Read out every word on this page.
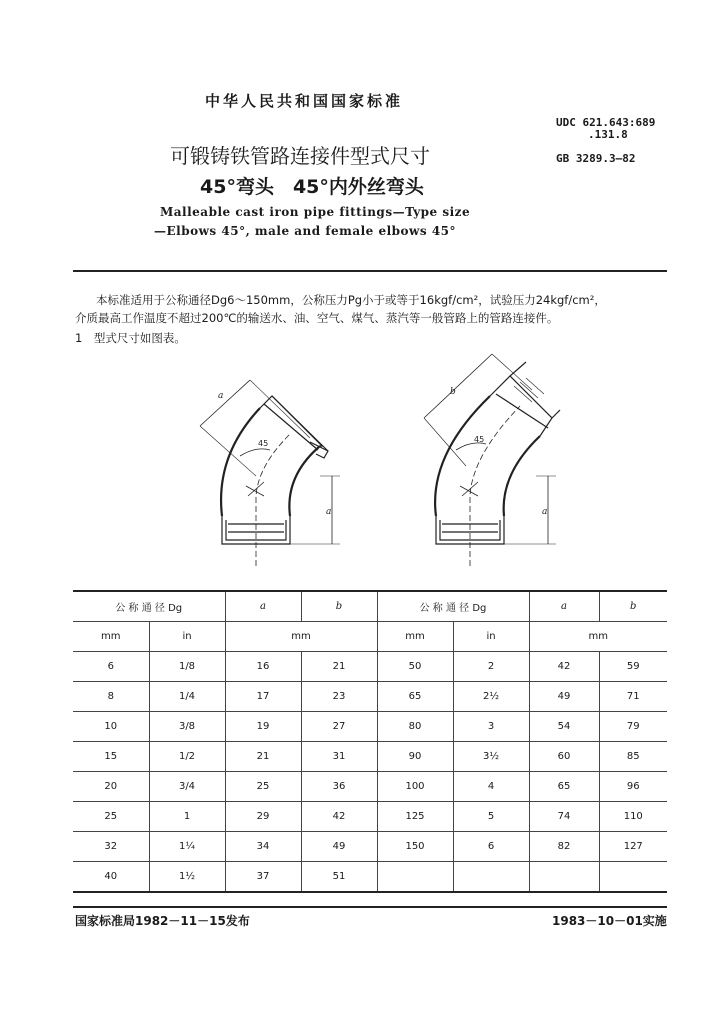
中华人民共和国国家标准
UDC 621.643:689
.131.8
GB 3289.3—82
可锻铸铁管路连接件型式尺寸
45°弯头　45°内外丝弯头
Malleable cast iron pipe fittings—Type size
—Elbows 45°, male and female elbows 45°
本标准适用于公称通径Dg6～150mm，公称压力Pg小于或等于16kgf/cm²，试验压力24kgf/cm²，
介质最高工作温度不超过200℃的输送水、油、空气、煤气、蒸汽等一般管路上的管路连接件。
1　型式尺寸如图表。
a
45
a
b
45
a
公 称 通 径 Dg		a	b	公 称 通 径 Dg		a	b
mm	in	mm		mm	in	mm	
6	1/8	16	21	50	2	42	59
8	1/4	17	23	65	2½	49	71
10	3/8	19	27	80	3	54	79
15	1/2	21	31	90	3½	60	85
20	3/4	25	36	100	4	65	96
25	1	29	42	125	5	74	110
32	1¼	34	49	150	6	82	127
40	1½	37	51				
国家标准局1982－11－15发布	1983－10－01实施
